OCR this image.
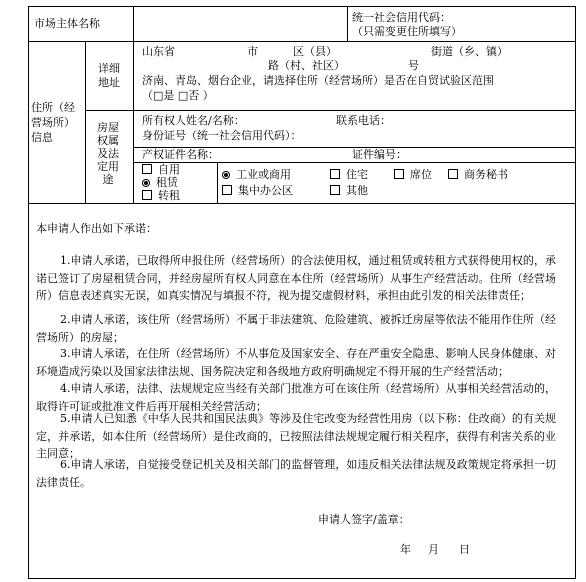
市场主体名称	统一社会信用代码：
（只需变更住所填写）
住所（经营场所）信息
详细地址
山东省	市	区（县）	街道（乡、镇）
路（村、社区）	号
济南、青岛、烟台企业，请选择住所（经营场所）是否在自贸试验区范围
（□是 □否 ）
房屋权属及法定用途
所有权人姓名/名称：	联系电话：
身份证号（统一社会信用代码）：
产权证件名称：	证件编号：
自用
租赁
转租
工业或商用	住宅	席位	商务秘书
集中办公区	其他
本申请人作出如下承诺：
1.申请人承诺，已取得所申报住所（经营场所）的合法使用权，通过租赁或转租方式获得使用权的，承诺已签订了房屋租赁合同，并经房屋所有权人同意在本住所（经营场所）从事生产经营活动。住所（经营场所）信息表述真实无误，如真实情况与填报不符，视为提交虚假材料，承担由此引发的相关法律责任；
2.申请人承诺，该住所（经营场所）不属于非法建筑、危险建筑、被拆迁房屋等依法不能用作住所（经营场所）的房屋；
3.申请人承诺，在住所（经营场所）不从事危及国家安全、存在严重安全隐患、影响人民身体健康、对环境造成污染以及国家法律法规、国务院决定和各级地方政府明确规定不得开展的生产经营活动；
4.申请人承诺，法律、法规规定应当经有关部门批准方可在该住所（经营场所）从事相关经营活动的，取得许可证或批准文件后再开展相关经营活动；
5.申请人已知悉《中华人民共和国民法典》等涉及住宅改变为经营性用房（以下称：住改商）的有关规定，并承诺，如本住所（经营场所）是住改商的，已按照法律法规规定履行相关程序，获得有利害关系的业主同意；
6.申请人承诺，自觉接受登记机关及相关部门的监督管理，如违反相关法律法规及政策规定将承担一切法律责任。
申请人签字/盖章：
年 月 日
